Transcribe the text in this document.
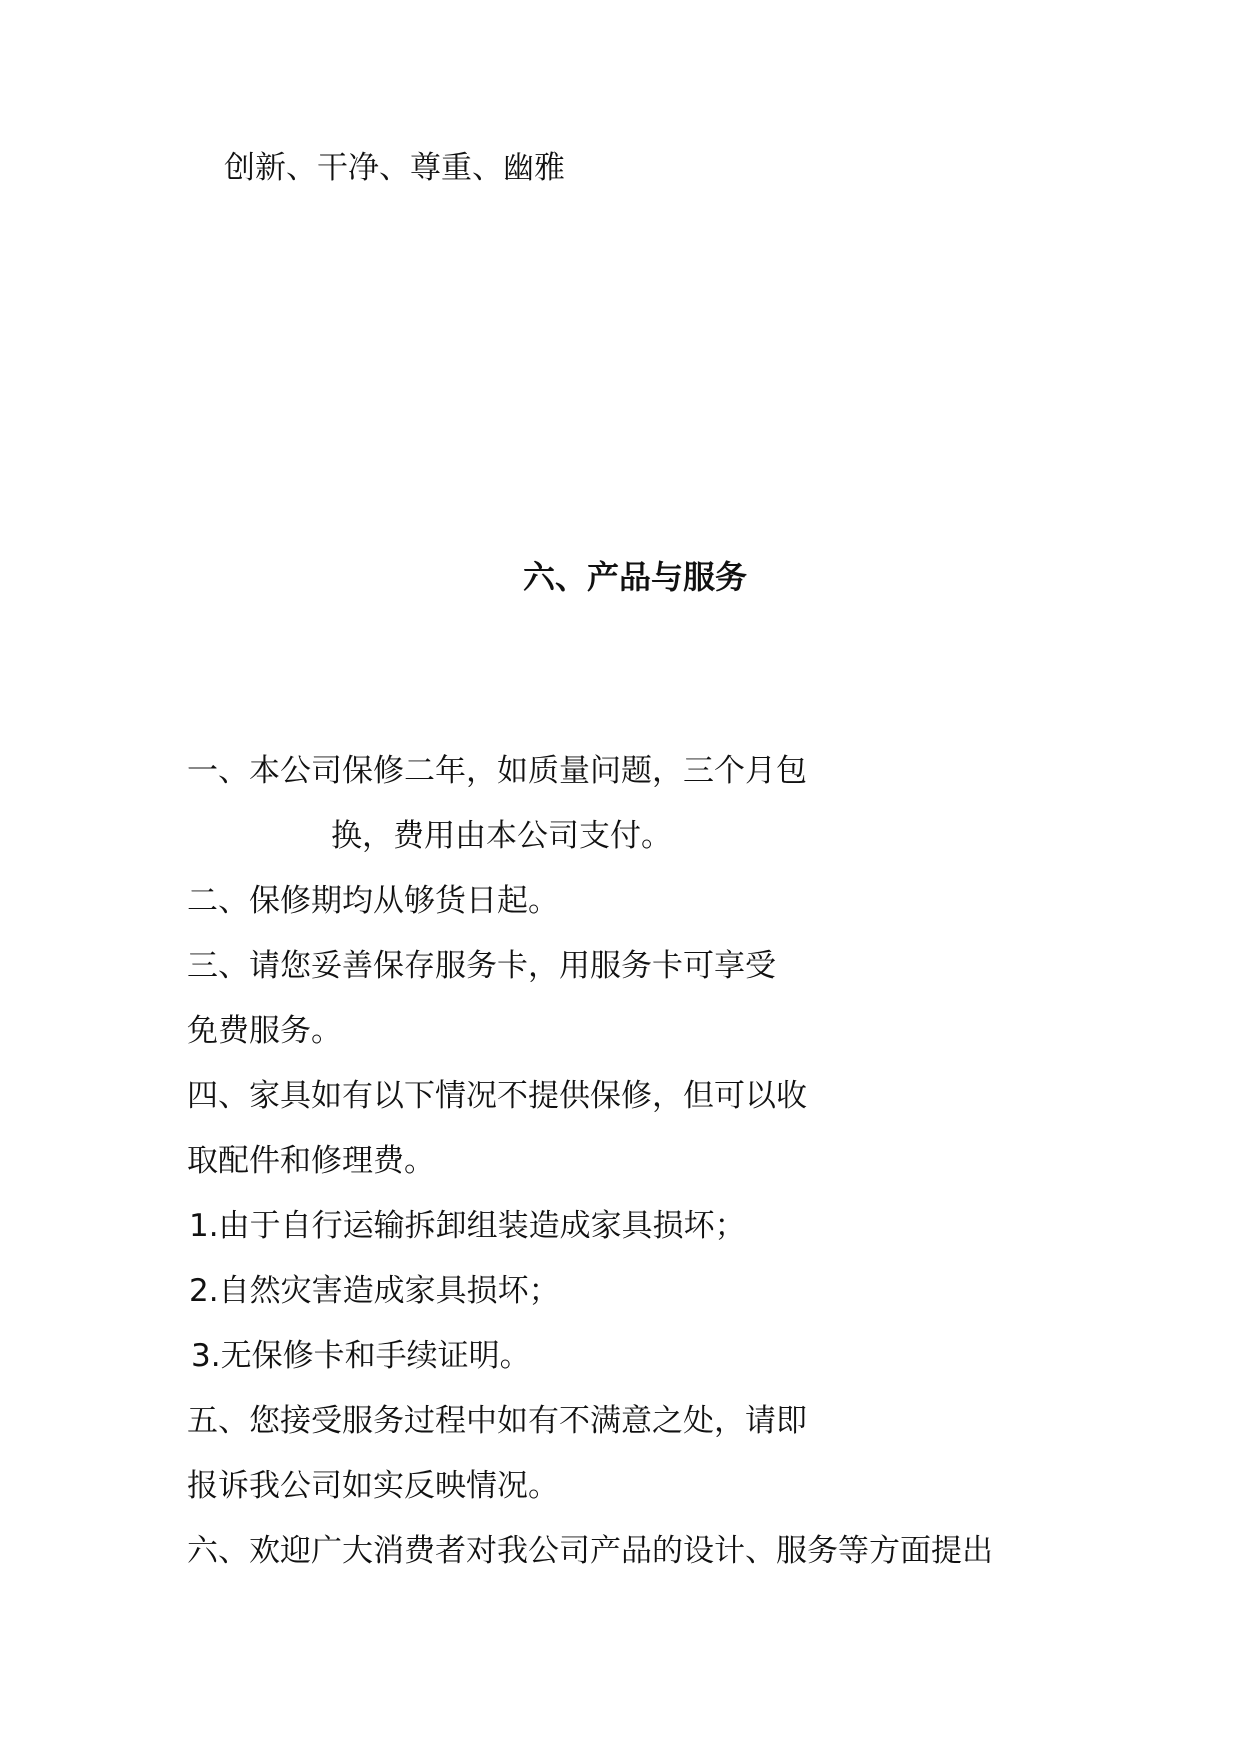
创新、干净、尊重、幽雅
六、产品与服务
一、本公司保修二年，如质量问题，三个月包
换，费用由本公司支付。
二、保修期均从够货日起。
三、请您妥善保存服务卡，用服务卡可享受
免费服务。
四、家具如有以下情况不提供保修，但可以收
取配件和修理费。
1.由于自行运输拆卸组装造成家具损坏；
2.自然灾害造成家具损坏；
3.无保修卡和手续证明。
五、您接受服务过程中如有不满意之处，请即
报诉我公司如实反映情况。
六、欢迎广大消费者对我公司产品的设计、服务等方面提出
